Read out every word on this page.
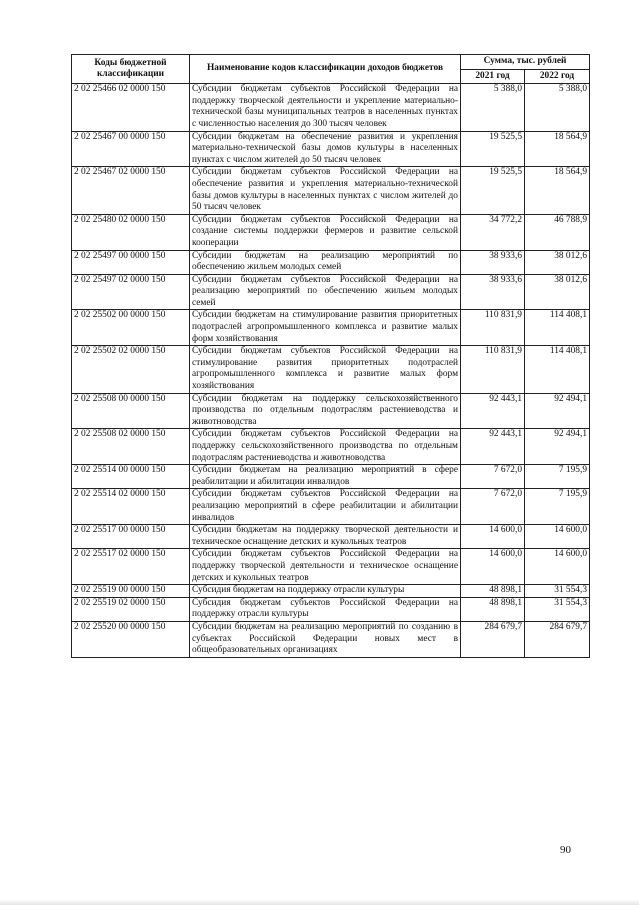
Коды бюджетной классификации	Наименование кодов классификации доходов бюджетов	Сумма, тыс. рублей	
		2021 год	2022 год
2 02 25466 02 0000 150	Субсидии бюджетам субъектов Российской Федерации на поддержку творческой деятельности и укрепление материально-технической базы муниципальных театров в населенных пунктах с численностью населения до 300 тысяч человек	5 388,0	5 388,0
2 02 25467 00 0000 150	Субсидии бюджетам на обеспечение развития и укрепления материально-технической базы домов культуры в населенных пунктах с числом жителей до 50 тысяч человек	19 525,5	18 564,9
2 02 25467 02 0000 150	Субсидии бюджетам субъектов Российской Федерации на обеспечение развития и укрепления материально-технической базы домов культуры в населенных пунктах с числом жителей до 50 тысяч человек	19 525,5	18 564,9
2 02 25480 02 0000 150	Субсидии бюджетам субъектов Российской Федерации на создание системы поддержки фермеров и развитие сельской кооперации	34 772,2	46 788,9
2 02 25497 00 0000 150	Субсидии бюджетам на реализацию мероприятий по обеспечению жильем молодых семей	38 933,6	38 012,6
2 02 25497 02 0000 150	Субсидии бюджетам субъектов Российской Федерации на реализацию мероприятий по обеспечению жильем молодых семей	38 933,6	38 012,6
2 02 25502 00 0000 150	Субсидии бюджетам на стимулирование развития приоритетных подотраслей агропромышленного комплекса и развитие малых форм хозяйствования	110 831,9	114 408,1
2 02 25502 02 0000 150	Субсидии бюджетам субъектов Российской Федерации на стимулирование развития приоритетных подотраслей агропромышленного комплекса и развитие малых форм хозяйствования	110 831,9	114 408,1
2 02 25508 00 0000 150	Субсидии бюджетам на поддержку сельскохозяйственного производства по отдельным подотраслям растениеводства и животноводства	92 443,1	92 494,1
2 02 25508 02 0000 150	Субсидии бюджетам субъектов Российской Федерации на поддержку сельскохозяйственного производства по отдельным подотраслям растениеводства и животноводства	92 443,1	92 494,1
2 02 25514 00 0000 150	Субсидии бюджетам на реализацию мероприятий в сфере реабилитации и абилитации инвалидов	7 672,0	7 195,9
2 02 25514 02 0000 150	Субсидии бюджетам субъектов Российской Федерации на реализацию мероприятий в сфере реабилитации и абилитации инвалидов	7 672,0	7 195,9
2 02 25517 00 0000 150	Субсидии бюджетам на поддержку творческой деятельности и техническое оснащение детских и кукольных театров	14 600,0	14 600,0
2 02 25517 02 0000 150	Субсидии бюджетам субъектов Российской Федерации на поддержку творческой деятельности и техническое оснащение детских и кукольных театров	14 600,0	14 600,0
2 02 25519 00 0000 150	Субсидия бюджетам на поддержку отрасли культуры	48 898,1	31 554,3
2 02 25519 02 0000 150	Субсидия бюджетам субъектов Российской Федерации на поддержку отрасли культуры	48 898,1	31 554,3
2 02 25520 00 0000 150	Субсидии бюджетам на реализацию мероприятий по созданию в субъектах Российской Федерации новых мест в общеобразовательных организациях	284 679,7	284 679,7
90
